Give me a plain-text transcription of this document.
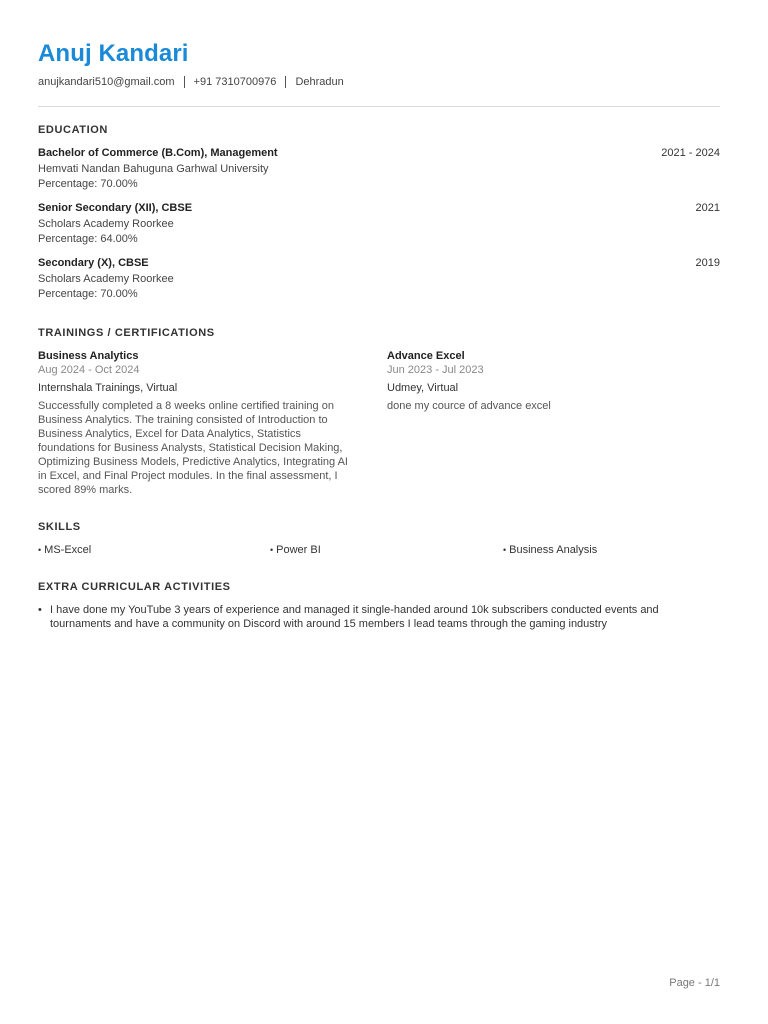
Anuj Kandari
anujkandari510@gmail.com +91 7310700976 Dehradun
EDUCATION
Bachelor of Commerce (B.Com), Management	2021 - 2024
Hemvati Nandan Bahuguna Garhwal University
Percentage: 70.00%
Senior Secondary (XII), CBSE	2021
Scholars Academy Roorkee
Percentage: 64.00%
Secondary (X), CBSE	2019
Scholars Academy Roorkee
Percentage: 70.00%
TRAININGS / CERTIFICATIONS
Business Analytics
Aug 2024 - Oct 2024
Internshala Trainings, Virtual
Successfully completed a 8 weeks online certified training on Business Analytics. The training consisted of Introduction to Business Analytics, Excel for Data Analytics, Statistics foundations for Business Analysts, Statistical Decision Making, Optimizing Business Models, Predictive Analytics, Integrating AI in Excel, and Final Project modules. In the final assessment, I scored 89% marks.
Advance Excel
Jun 2023 - Jul 2023
Udmey, Virtual
done my cource of advance excel
SKILLS
• MS-Excel	• Power BI	• Business Analysis
EXTRA CURRICULAR ACTIVITIES
• I have done my YouTube 3 years of experience and managed it single-handed around 10k subscribers conducted events and tournaments and have a community on Discord with around 15 members I lead teams through the gaming industry
Page - 1/1
